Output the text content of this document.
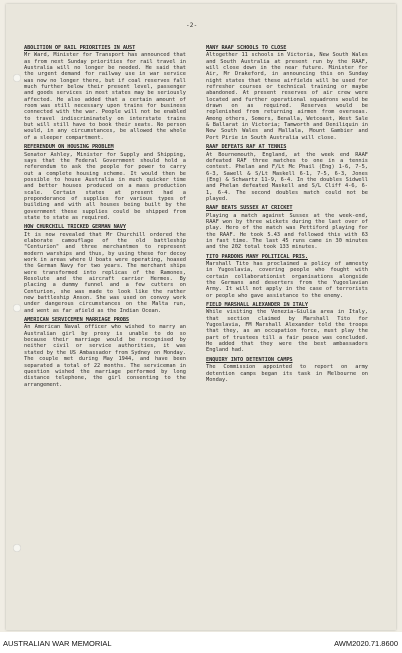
-2-
ABOLITION OF RAIL PRIORITIES IN AUST
Mr Ward, Minister for Transport has announced that as from next Sunday priorities for rail travel in Australia will no longer be needed. He said that the urgent demand for railway use in war service was now no longer there, but if coal reserves fall much further below their present level, passenger and goods services in most states may be seriously affected. He also added that a certain amount of room was still necessary upon trains for business connected with the war. People will not be enabled to travel indiscriminately on interstate trains but will still have to book their seats. No person would, in any circumstances, be allowed the whole of a sleeper compartment.
REFERENDUM ON HOUSING PROBLEM
Senator Ashley, Minister for Supply and Shipping, says that the Federal Government should hold a referendum to ask the people for power to carry out a complete housing scheme. It would then be possible to house Australia in much quicker time and better houses produced on a mass production scale. Certain states at present had a preponderance of supplies for various types of building and with all houses being built by the government these supplies could be shipped from state to state as required.
HOW CHURCHILL TRICKED GERMAN NAVY
It is now revealed that Mr Churchill ordered the elaborate camouflage of the old battleship "Centurion" and three merchantmen to represent modern warships and thus, by using these for decoy work in areas where U boats were operating, hoaxed the German Navy for two years. The merchant ships were transformed into replicas of the Ramones, Resolute and the aircraft carrier Hermes. By placing a dummy funnel and a few cutters on Centurion, she was made to look like the rather new battleship Anson. She was used on convoy work under dangerous circumstances on the Malta run, and went as far afield as the Indian Ocean.
AMERICAN SERVICEMEN MARRIAGE PROBS
An American Naval officer who wished to marry an Australian girl by proxy is unable to do so because their marriage would be recognised by neither civil or service authorities, it was stated by the US Ambassador from Sydney on Monday. The couple met during May 1944, and have been separated a total of 22 months. The serviceman in question wished the marriage performed by long distance telephone, the girl consenting to the arrangement.
MANY RAAF SCHOOLS TO CLOSE
Altogether 11 schools in Victoria, New South Wales and South Australia at present run by the RAAF, will close down in the near future. Minister for Air, Mr Drakeford, in announcing this on Sunday night states that these airfields will be used for refresher courses or technical training or maybe abandoned. At present reserves of air crew were located and further operational squadrons would be drawn on as required. Reserves would be replenished from returning airmen from overseas. Among others, Somers, Benalla, Wetcoast, West Sale & Ballarat in Victoria; Tamworth and Deniliquin in New South Wales and Mallala, Mount Gambier and Port Pirie in South Australia will close.
RAAF DEFEATS RAF AT TENNIS
At Bournemouth, England, at the week end RAAF defeated RAF three matches to one in a tennis contest. Phelan and F/Lt Mc Phail (Eng) 1-6, 7-5, 6-3, Sawell & S/Lt Maskell 6-1, 7-5, 6-3, Jones (Eng) & Schwartz 11-9, 6-4. In the doubles Sidwell and Phelan defeated Maskell and S/L Cliff 4-6, 6-1, 6-4. The second doubles match could not be played.
RAAF BEATS SUSSEX AT CRICKET
Playing a match against Sussex at the week-end, RAAF won by three wickets during the last over of play. Hero of the match was Pettiford playing for the RAAF. He took 5.43 and followed this with 63 in fast time. The last 45 runs came in 30 minutes and the 202 total took 133 minutes.
TITO PARDONS MANY POLITICAL PRIS.
Marshall Tito has proclaimed a policy of amnesty in Yugoslavia, covering people who fought with certain collaborationist organisations alongside the Germans and deserters from the Yugoslavian Army. It will not apply in the case of terrorists or people who gave assistance to the enemy.
FIELD MARSHALL ALEXANDER IN ITALY
While visiting the Venezia-Giulia area in Italy, that section claimed by Marshall Tito for Yugoslavia, FM Marshall Alexander told the troops that they, as an occupation force, must play the part of trustees till a fair peace was concluded. He added that they were the best ambassadors England had.
ENQUIRY INTO DETENTION CAMPS
The Commission appointed to report on army detention camps began its task in Melbourne on Monday.
AUSTRALIAN WAR MEMORIAL	AWM2020.71.8600
